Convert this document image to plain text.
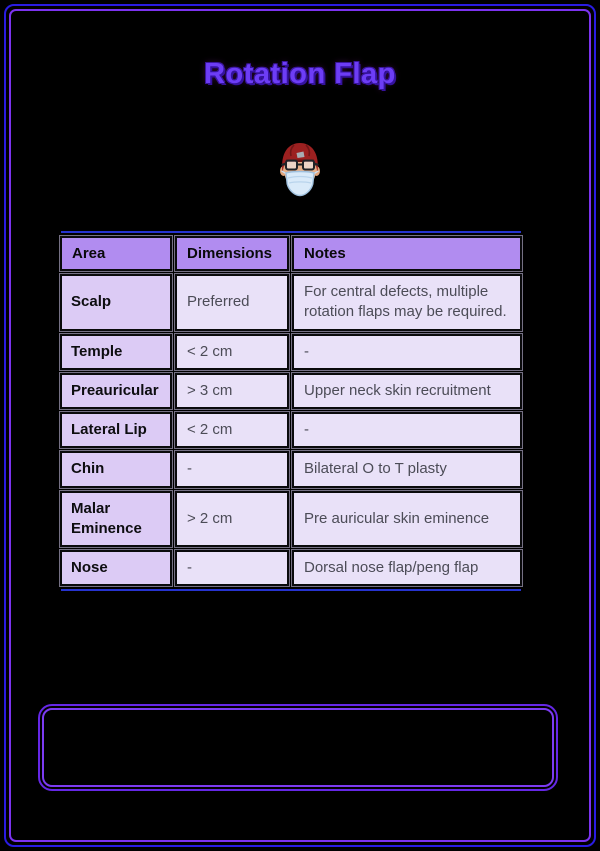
Rotation Flap
Area	Dimensions	Notes
Scalp	Preferred	For central defects, multiple rotation flaps may be required.
Temple	< 2 cm	-
Preauricular	> 3 cm	Upper neck skin recruitment
Lateral Lip	< 2 cm	-
Chin	-	Bilateral O to T plasty
Malar Eminence	> 2 cm	Pre auricular skin eminence
Nose	-	Dorsal nose flap/peng flap
